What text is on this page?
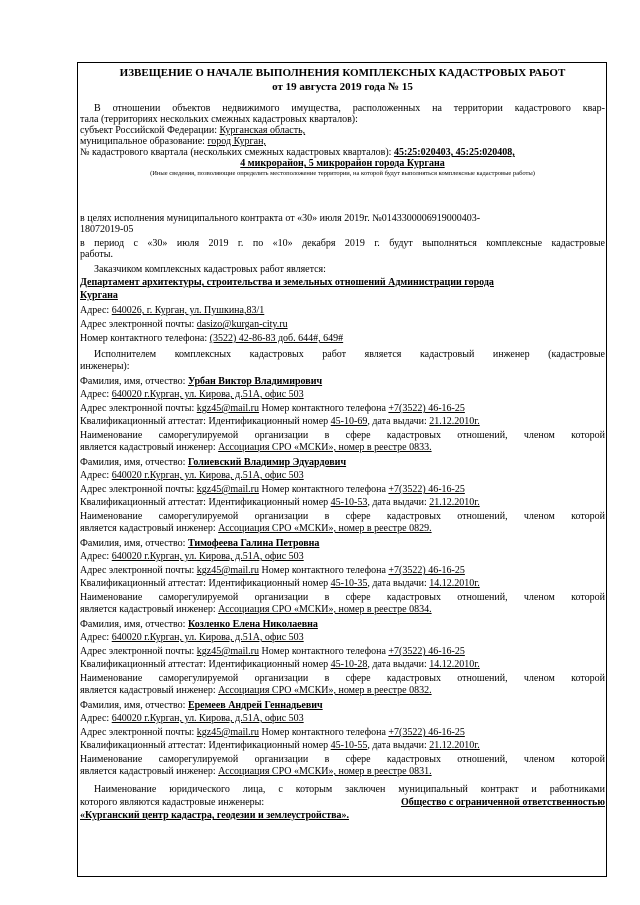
ИЗВЕЩЕНИЕ О НАЧАЛЕ ВЫПОЛНЕНИЯ КОМПЛЕКСНЫХ КАДАСТРОВЫХ РАБОТ
от 19 августа 2019 года № 15
В отношении объектов недвижимого имущества, расположенных на территории кадастрового квар-
тала (территориях нескольких смежных кадастровых кварталов):
субъект Российской Федерации: Курганская область,
муниципальное образование: город Курган,
№ кадастрового квартала (нескольких смежных кадастровых кварталов): 45:25:020403, 45:25:020408,
4 микрорайон, 5 микрорайон города Кургана
(Иные сведения, позволяющие определить местоположение территории, на которой будут выполняться комплексные кадастровые работы)
в целях исполнения муниципального контракта от «30» июля 2019г. №0143300006919000403-
18072019-05
в период с «30» июля 2019 г. по «10» декабря 2019 г. будут выполняться комплексные кадастровые
работы.
Заказчиком комплексных кадастровых работ является:
Департамент архитектуры, строительства и земельных отношений Администрации города
Кургана
Адрес: 640026, г. Курган, ул. Пушкина,83/1
Адрес электронной почты: dasizo@kurgan-city.ru
Номер контактного телефона: (3522) 42-86-83 доб. 644#, 649#
Исполнителем комплексных кадастровых работ является кадастровый инженер (кадастровые
инженеры):
Фамилия, имя, отчество: Урбан Виктор Владимирович
Адрес: 640020 г.Курган, ул. Кирова, д.51А, офис 503
Адрес электронной почты: kgz45@mail.ru Номер контактного телефона +7(3522) 46-16-25
Квалификационный аттестат: Идентификационный номер 45-10-69, дата выдачи: 21.12.2010г.
Наименование саморегулируемой организации в сфере кадастровых отношений, членом которой
является кадастровый инженер: Ассоциация СРО «МСКИ», номер в реестре 0833.
Фамилия, имя, отчество: Голиевский Владимир Эдуардович
Адрес: 640020 г.Курган, ул. Кирова, д.51А, офис 503
Адрес электронной почты: kgz45@mail.ru Номер контактного телефона +7(3522) 46-16-25
Квалификационный аттестат: Идентификационный номер 45-10-53, дата выдачи: 21.12.2010г.
Наименование саморегулируемой организации в сфере кадастровых отношений, членом которой
является кадастровый инженер: Ассоциация СРО «МСКИ», номер в реестре 0829.
Фамилия, имя, отчество: Тимофеева Галина Петровна
Адрес: 640020 г.Курган, ул. Кирова, д.51А, офис 503
Адрес электронной почты: kgz45@mail.ru Номер контактного телефона +7(3522) 46-16-25
Квалификационный аттестат: Идентификационный номер 45-10-35, дата выдачи: 14.12.2010г.
Наименование саморегулируемой организации в сфере кадастровых отношений, членом которой
является кадастровый инженер: Ассоциация СРО «МСКИ», номер в реестре 0834.
Фамилия, имя, отчество: Козленко Елена Николаевна
Адрес: 640020 г.Курган, ул. Кирова, д.51А, офис 503
Адрес электронной почты: kgz45@mail.ru Номер контактного телефона +7(3522) 46-16-25
Квалификационный аттестат: Идентификационный номер 45-10-28, дата выдачи: 14.12.2010г.
Наименование саморегулируемой организации в сфере кадастровых отношений, членом которой
является кадастровый инженер: Ассоциация СРО «МСКИ», номер в реестре 0832.
Фамилия, имя, отчество: Еремеев Андрей Геннадьевич
Адрес: 640020 г.Курган, ул. Кирова, д.51А, офис 503
Адрес электронной почты: kgz45@mail.ru Номер контактного телефона +7(3522) 46-16-25
Квалификационный аттестат: Идентификационный номер 45-10-55, дата выдачи: 21.12.2010г.
Наименование саморегулируемой организации в сфере кадастровых отношений, членом которой
является кадастровый инженер: Ассоциация СРО «МСКИ», номер в реестре 0831.
Наименование юридического лица, с которым заключен муниципальный контракт и работниками
которого являются кадастровые инженеры:	Общество с ограниченной ответственностью
«Курганский центр кадастра, геодезии и землеустройства».
